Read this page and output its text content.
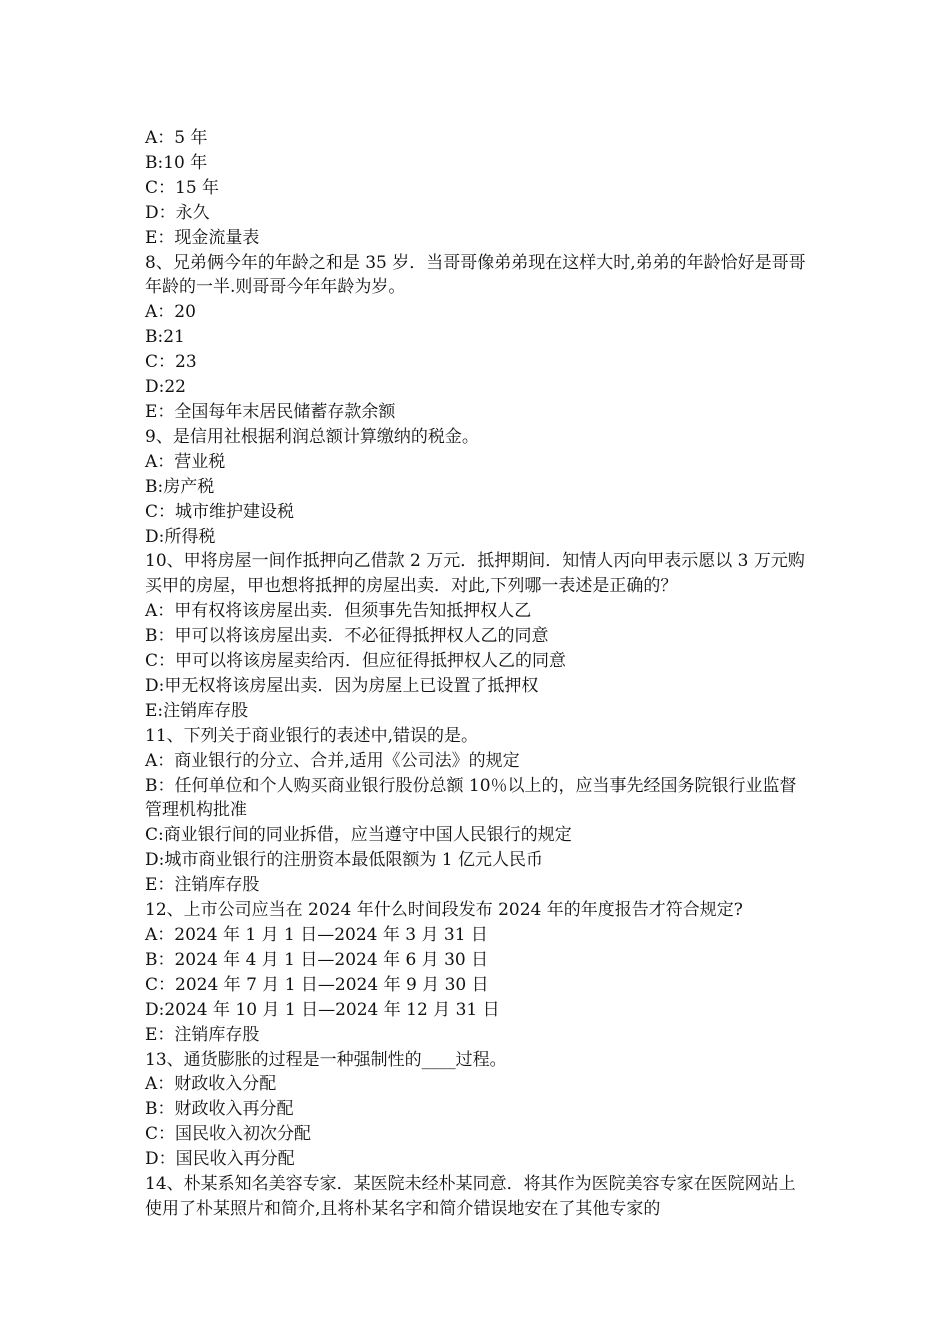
A：5 年

B:10 年

C：15 年

D：永久

E：现金流量表

8、兄弟俩今年的年龄之和是 35 岁．当哥哥像弟弟现在这样大时,弟弟的年龄恰好是哥哥年龄的一半.则哥哥今年年龄为岁。

A：20

B:21

C：23

D:22

E：全国每年末居民储蓄存款余额

9、是信用社根据利润总额计算缴纳的税金。

A：营业税

B:房产税

C：城市维护建设税

D:所得税

10、甲将房屋一间作抵押向乙借款 2 万元．抵押期间．知情人丙向甲表示愿以 3 万元购买甲的房屋，甲也想将抵押的房屋出卖．对此,下列哪一表述是正确的？

A：甲有权将该房屋出卖．但须事先告知抵押权人乙

B：甲可以将该房屋出卖．不必征得抵押权人乙的同意

C：甲可以将该房屋卖给丙．但应征得抵押权人乙的同意

D:甲无权将该房屋出卖．因为房屋上已设置了抵押权

E:注销库存股

11、下列关于商业银行的表述中,错误的是。

A：商业银行的分立、合并,适用《公司法》的规定

B：任何单位和个人购买商业银行股份总额 10％以上的，应当事先经国务院银行业监督管理机构批准

C:商业银行间的同业拆借，应当遵守中国人民银行的规定

D:城市商业银行的注册资本最低限额为 1 亿元人民币

E：注销库存股

12、上市公司应当在 2024 年什么时间段发布 2024 年的年度报告才符合规定?

A：2024 年 1 月 1 日—2024 年 3 月 31 日

B：2024 年 4 月 1 日—2024 年 6 月 30 日

C：2024 年 7 月 1 日—2024 年 9 月 30 日

D:2024 年 10 月 1 日—2024 年 12 月 31 日

E：注销库存股

13、通货膨胀的过程是一种强制性的____过程。

A：财政收入分配

B：财政收入再分配

C：国民收入初次分配

D：国民收入再分配

14、朴某系知名美容专家．某医院未经朴某同意．将其作为医院美容专家在医院网站上使用了朴某照片和简介,且将朴某名字和简介错误地安在了其他专家的
